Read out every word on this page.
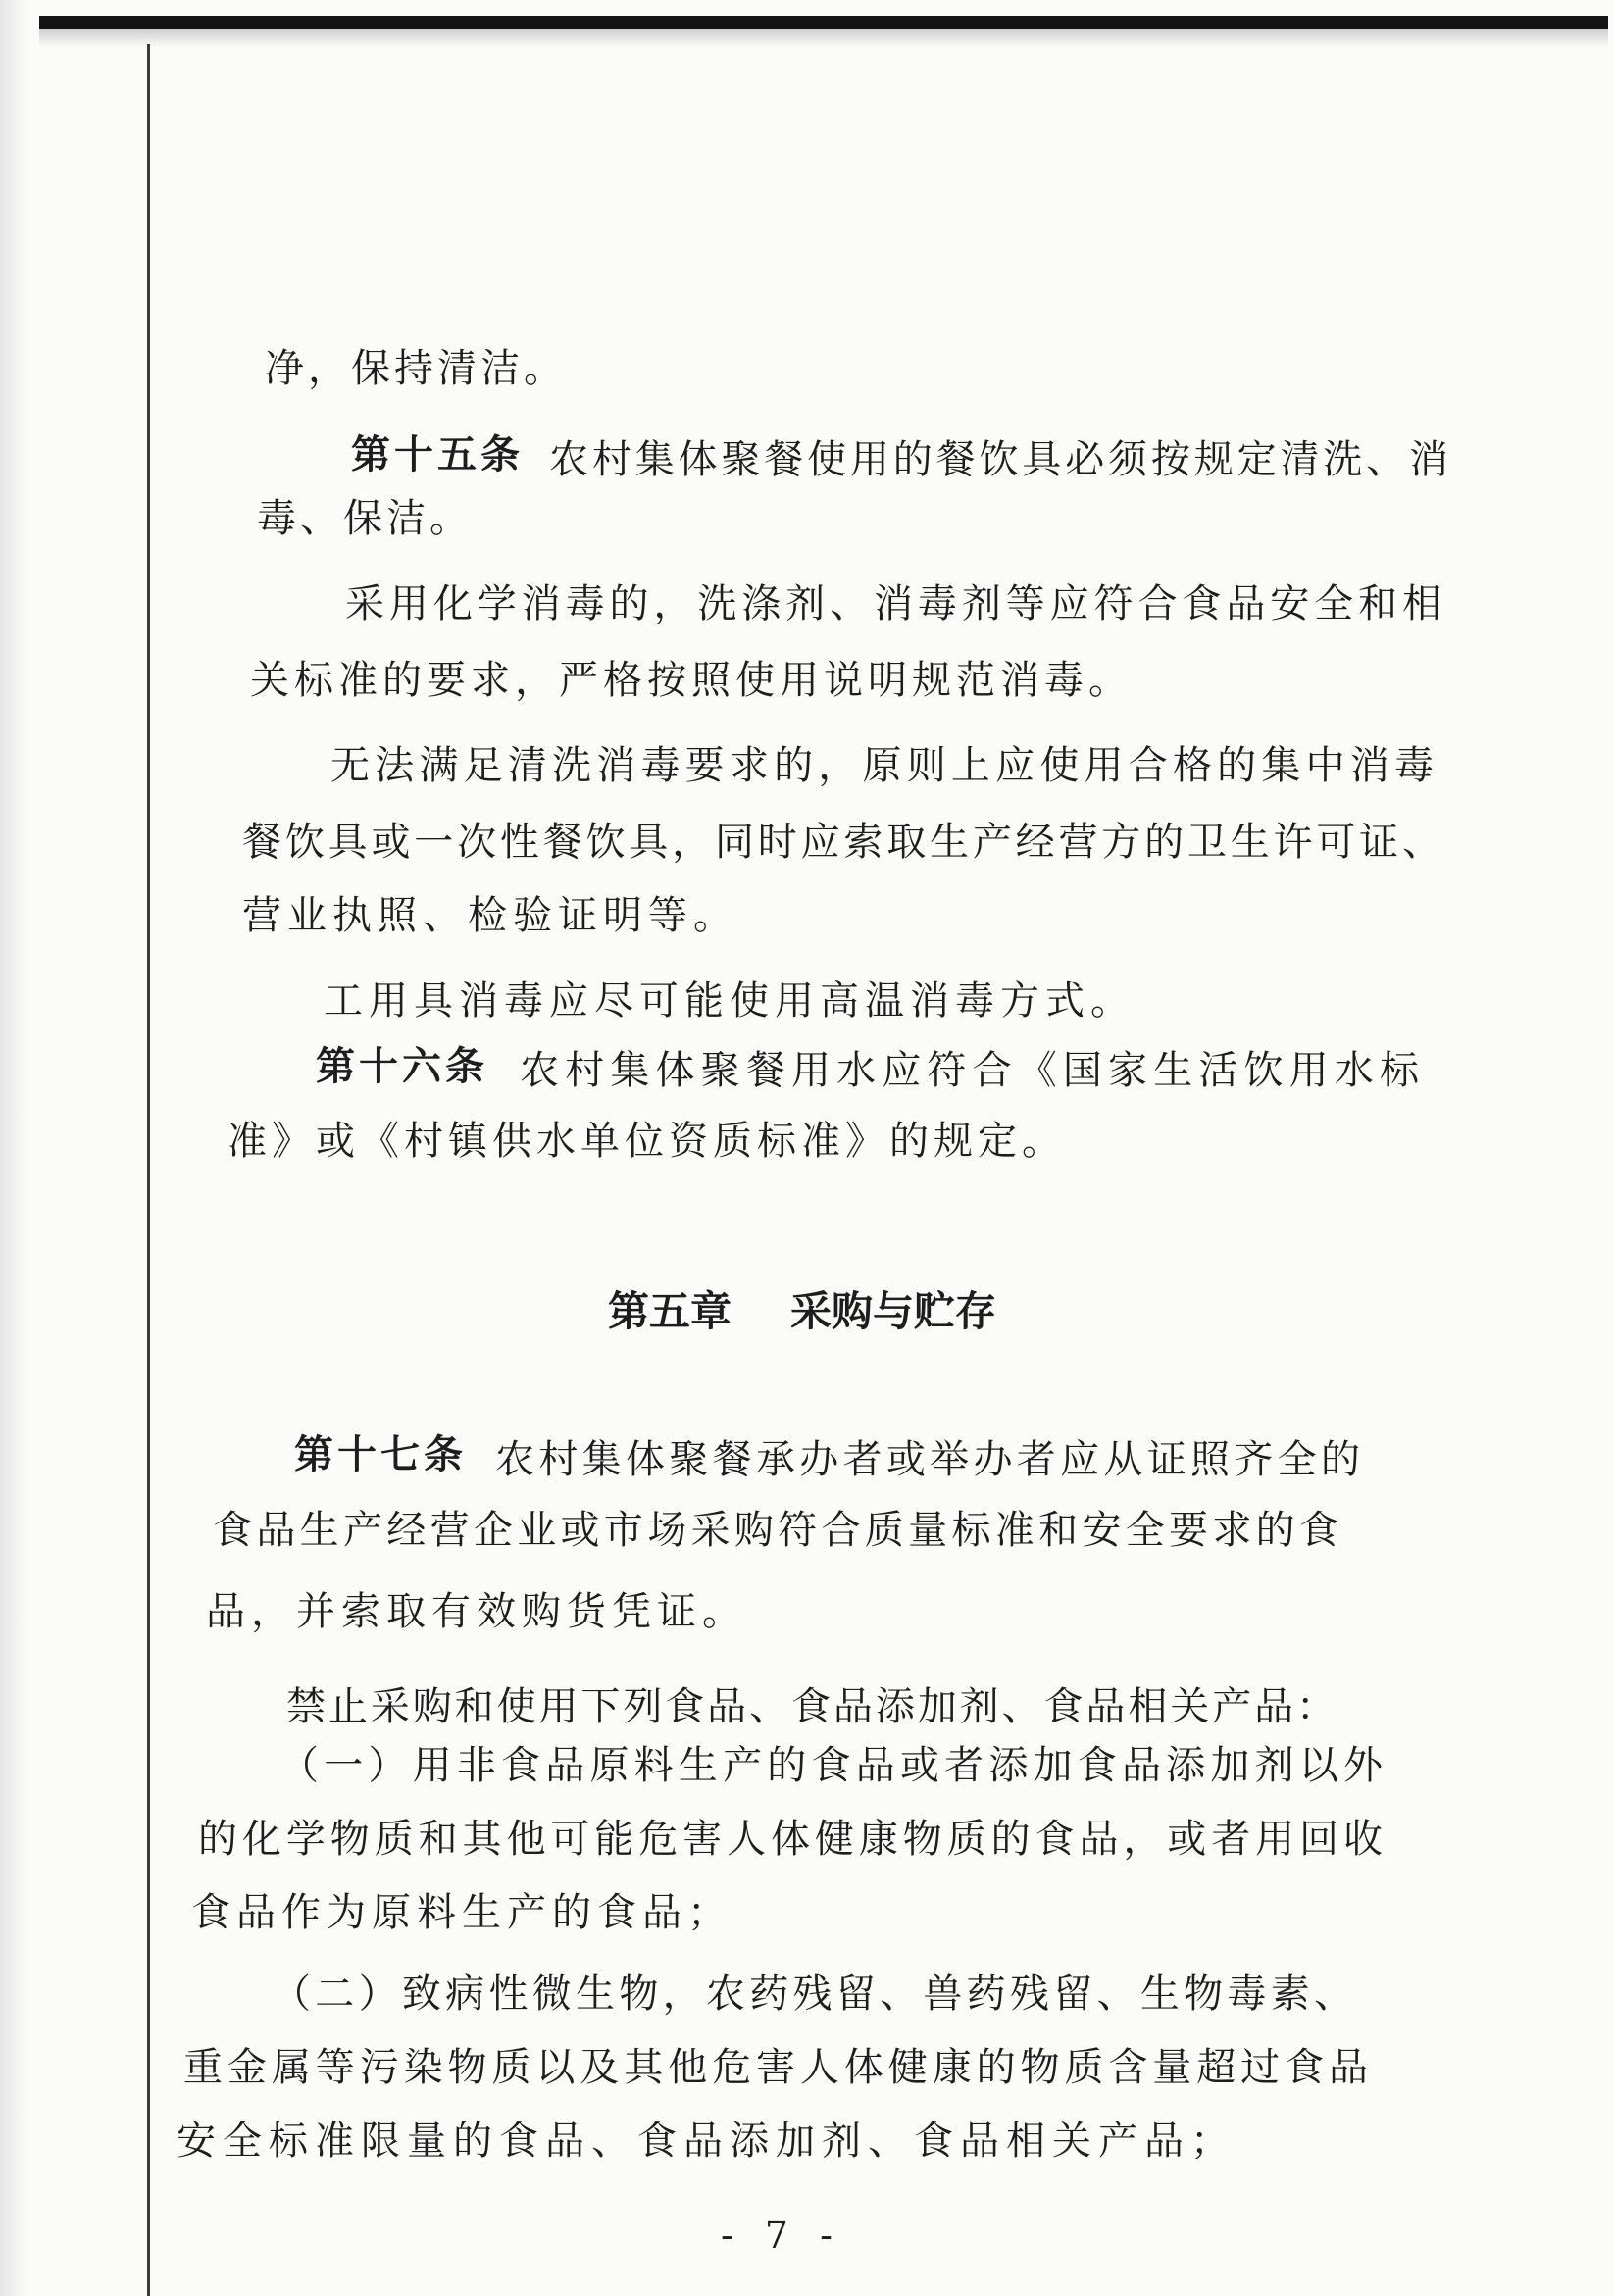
净，保持清洁。
第十五条 农村集体聚餐使用的餐饮具必须按规定清洗、消
毒、保洁。
采用化学消毒的，洗涤剂、消毒剂等应符合食品安全和相
关标准的要求，严格按照使用说明规范消毒。
无法满足清洗消毒要求的，原则上应使用合格的集中消毒
餐饮具或一次性餐饮具，同时应索取生产经营方的卫生许可证、
营业执照、检验证明等。
工用具消毒应尽可能使用高温消毒方式。
第十六条 农村集体聚餐用水应符合《国家生活饮用水标
准》或《村镇供水单位资质标准》的规定。
第五章 采购与贮存
第十七条 农村集体聚餐承办者或举办者应从证照齐全的
食品生产经营企业或市场采购符合质量标准和安全要求的食
品，并索取有效购货凭证。
禁止采购和使用下列食品、食品添加剂、食品相关产品：
（一）用非食品原料生产的食品或者添加食品添加剂以外
的化学物质和其他可能危害人体健康物质的食品，或者用回收
食品作为原料生产的食品；
（二）致病性微生物，农药残留、兽药残留、生物毒素、
重金属等污染物质以及其他危害人体健康的物质含量超过食品
安全标准限量的食品、食品添加剂、食品相关产品；
- 7 -
